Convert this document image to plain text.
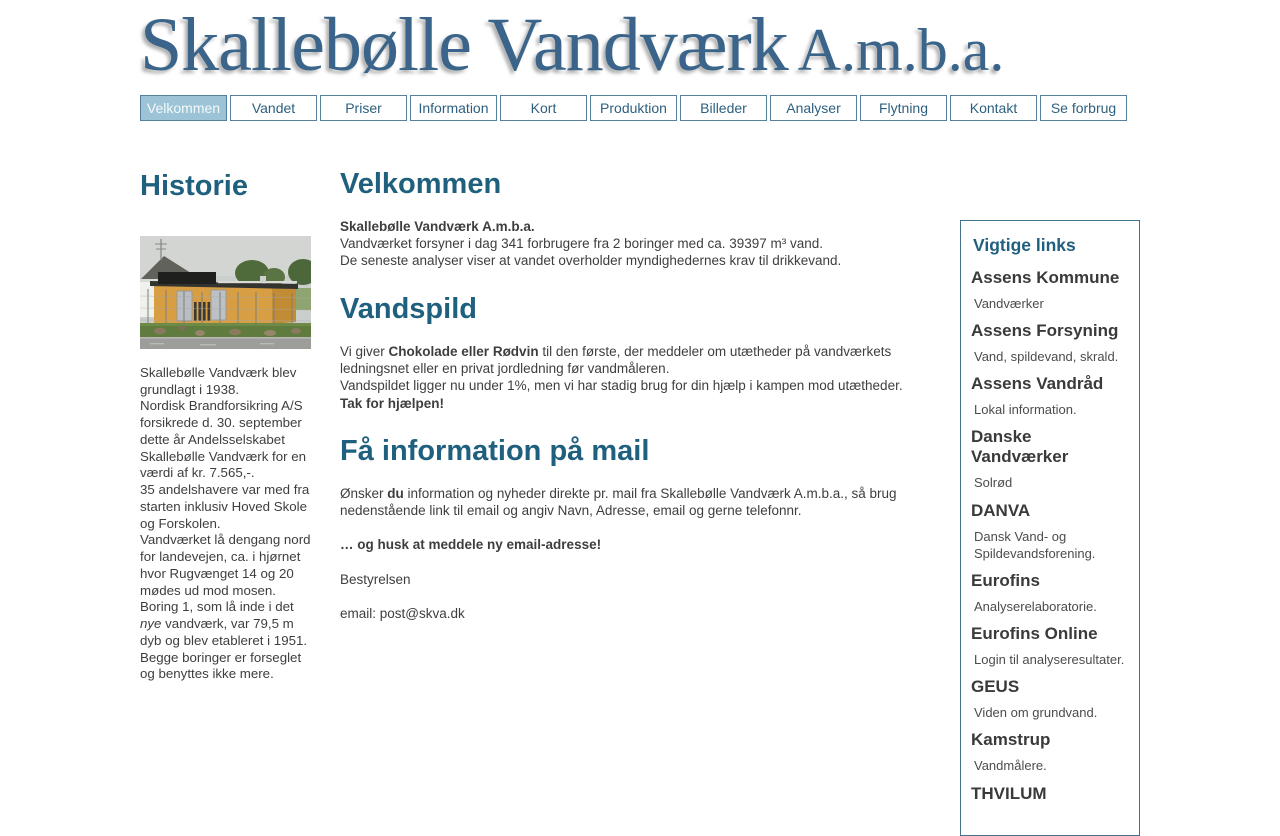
Skallebølle Vandværk A.m.b.a.
Velkommen	Vandet	Priser	Information	Kort	Produktion	Billeder	Analyser	Flytning	Kontakt	Se forbrug
Historie
Skallebølle Vandværk blev grundlagt i 1938.
Nordisk Brandforsikring A/S forsikrede d. 30. september dette år Andelsselskabet Skallebølle Vandværk for en værdi af kr. 7.565,-.
35 andelshavere var med fra starten inklusiv Hoved Skole og Forskolen.
Vandværket lå dengang nord for landevejen, ca. i hjørnet hvor Rugvænget 14 og 20 mødes ud mod mosen.
Boring 1, som lå inde i det nye vandværk, var 79,5 m dyb og blev etableret i 1951.
Begge boringer er forseglet og benyttes ikke mere.
Velkommen

Skallebølle Vandværk A.m.b.a.
Vandværket forsyner i dag 341 forbrugere fra 2 boringer med ca. 39397 m³ vand.
De seneste analyser viser at vandet overholder myndighedernes krav til drikkevand.

Vandspild

Vi giver Chokolade eller Rødvin til den første, der meddeler om utætheder på vandværkets ledningsnet eller en privat jordledning før vandmåleren.
Vandspildet ligger nu under 1%, men vi har stadig brug for din hjælp i kampen mod utætheder.
Tak for hjælpen!

Få information på mail

Ønsker du information og nyheder direkte pr. mail fra Skallebølle Vandværk A.m.b.a., så brug nedenstående link til email og angiv Navn, Adresse, email og gerne telefonnr.

… og husk at meddele ny email-adresse!

Bestyrelsen

email: post@skva.dk

Vigtige links
Assens Kommune
Vandværker
Assens Forsyning
Vand, spildevand, skrald.
Assens Vandråd
Lokal information.
Danske Vandværker
Solrød
DANVA
Dansk Vand- og Spildevandsforening.
Eurofins
Analyserelaboratorie.
Eurofins Online
Login til analyseresultater.
GEUS
Viden om grundvand.
Kamstrup
Vandmålere.
THVILUM
